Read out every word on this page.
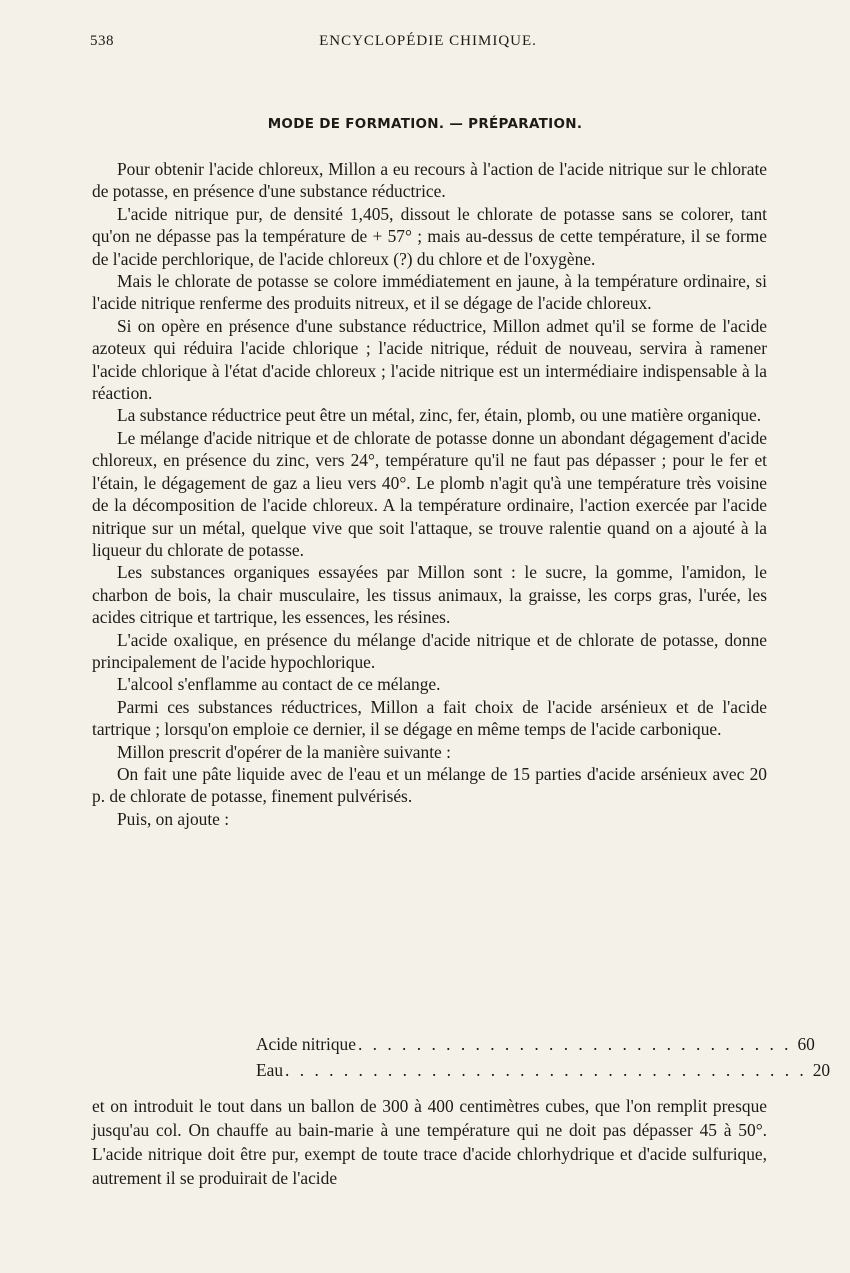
538	ENCYCLOPÉDIE CHIMIQUE.
MODE DE FORMATION. — PRÉPARATION.

Pour obtenir l'acide chloreux, Millon a eu recours à l'action de l'acide nitrique sur le chlorate de potasse, en présence d'une substance réductrice.

L'acide nitrique pur, de densité 1,405, dissout le chlorate de potasse sans se colorer, tant qu'on ne dépasse pas la température de + 57° ; mais au-dessus de cette température, il se forme de l'acide perchlorique, de l'acide chloreux (?) du chlore et de l'oxygène.

Mais le chlorate de potasse se colore immédiatement en jaune, à la température ordinaire, si l'acide nitrique renferme des produits nitreux, et il se dégage de l'acide chloreux.

Si on opère en présence d'une substance réductrice, Millon admet qu'il se forme de l'acide azoteux qui réduira l'acide chlorique ; l'acide nitrique, réduit de nouveau, servira à ramener l'acide chlorique à l'état d'acide chloreux ; l'acide nitrique est un intermédiaire indispensable à la réaction.

La substance réductrice peut être un métal, zinc, fer, étain, plomb, ou une matière organique.

Le mélange d'acide nitrique et de chlorate de potasse donne un abondant dégagement d'acide chloreux, en présence du zinc, vers 24°, température qu'il ne faut pas dépasser ; pour le fer et l'étain, le dégagement de gaz a lieu vers 40°. Le plomb n'agit qu'à une température très voisine de la décomposition de l'acide chloreux. A la température ordinaire, l'action exercée par l'acide nitrique sur un métal, quelque vive que soit l'attaque, se trouve ralentie quand on a ajouté à la liqueur du chlorate de potasse.

Les substances organiques essayées par Millon sont : le sucre, la gomme, l'amidon, le charbon de bois, la chair musculaire, les tissus animaux, la graisse, les corps gras, l'urée, les acides citrique et tartrique, les essences, les résines.

L'acide oxalique, en présence du mélange d'acide nitrique et de chlorate de potasse, donne principalement de l'acide hypochlorique.

L'alcool s'enflamme au contact de ce mélange.

Parmi ces substances réductrices, Millon a fait choix de l'acide arsénieux et de l'acide tartrique ; lorsqu'on emploie ce dernier, il se dégage en même temps de l'acide carbonique.

Millon prescrit d'opérer de la manière suivante :

On fait une pâte liquide avec de l'eau et un mélange de 15 parties d'acide arsénieux avec 20 p. de chlorate de potasse, finement pulvérisés.

Puis, on ajoute :

Acide nitrique . . . . . . . . . . . . . . . . . . . . . . . . . . . . . . 60
Eau . . . . . . . . . . . . . . . . . . . . . . . . . . . . . . . . . . . . 20

et on introduit le tout dans un ballon de 300 à 400 centimètres cubes, que l'on remplit presque jusqu'au col. On chauffe au bain-marie à une température qui ne doit pas dépasser 45 à 50°. L'acide nitrique doit être pur, exempt de toute trace d'acide chlorhydrique et d'acide sulfurique, autrement il se produirait de l'acide
